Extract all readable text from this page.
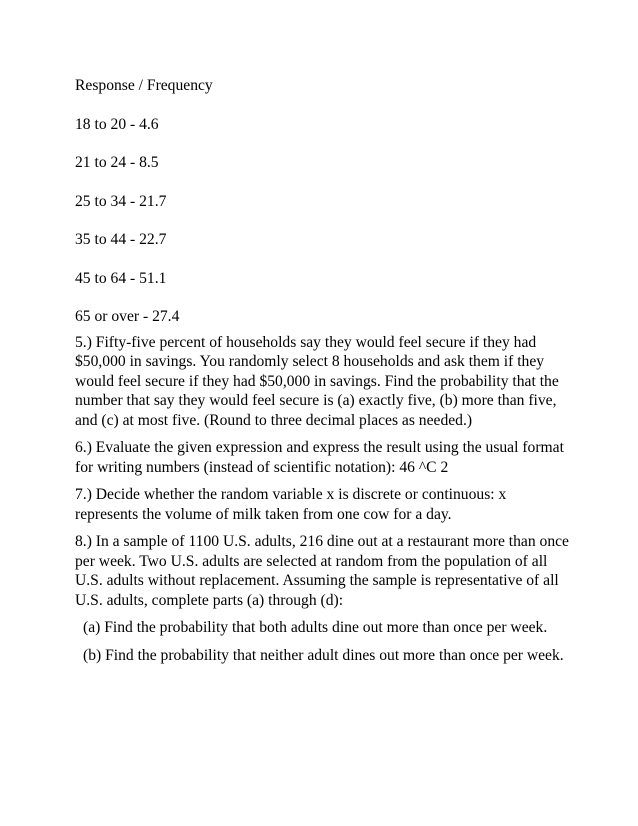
Response / Frequency
18 to 20 - 4.6
21 to 24 - 8.5
25 to 34 - 21.7
35 to 44 - 22.7
45 to 64 - 51.1
65 or over - 27.4

5.) Fifty-five percent of households say they would feel secure if they had $50,000 in savings. You randomly select 8 households and ask them if they would feel secure if they had $50,000 in savings. Find the probability that the number that say they would feel secure is (a) exactly five, (b) more than five, and (c) at most five. (Round to three decimal places as needed.)

6.) Evaluate the given expression and express the result using the usual format for writing numbers (instead of scientific notation): 46 ^C 2

7.) Decide whether the random variable x is discrete or continuous: x represents the volume of milk taken from one cow for a day.

8.) In a sample of 1100 U.S. adults, 216 dine out at a restaurant more than once per week. Two U.S. adults are selected at random from the population of all U.S. adults without replacement. Assuming the sample is representative of all U.S. adults, complete parts (a) through (d):

(a) Find the probability that both adults dine out more than once per week.

(b) Find the probability that neither adult dines out more than once per week.
